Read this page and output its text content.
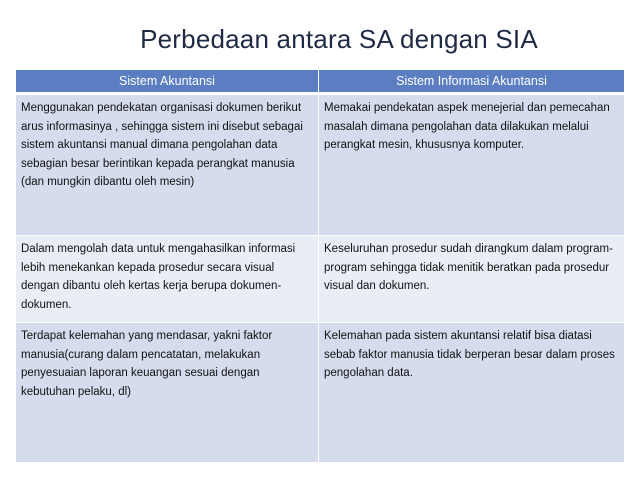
Perbedaan antara SA dengan SIA
Sistem Akuntansi	Sistem Informasi Akuntansi
Menggunakan pendekatan organisasi dokumen berikut arus informasinya , sehingga sistem ini disebut sebagai sistem akuntansi manual dimana pengolahan data sebagian besar berintikan kepada perangkat manusia (dan mungkin dibantu oleh mesin)	Memakai pendekatan aspek menejerial dan pemecahan masalah dimana pengolahan data dilakukan melalui perangkat mesin, khususnya komputer.
Dalam mengolah data untuk mengahasilkan informasi lebih menekankan kepada prosedur secara visual dengan dibantu oleh kertas kerja berupa dokumen-dokumen.	Keseluruhan prosedur sudah dirangkum dalam program-program sehingga tidak menitik beratkan pada prosedur visual dan dokumen.
Terdapat kelemahan yang mendasar, yakni faktor manusia(curang dalam pencatatan, melakukan penyesuaian laporan keuangan sesuai dengan kebutuhan pelaku, dl)	Kelemahan pada sistem akuntansi relatif bisa diatasi sebab faktor manusia tidak berperan besar dalam proses pengolahan data.
